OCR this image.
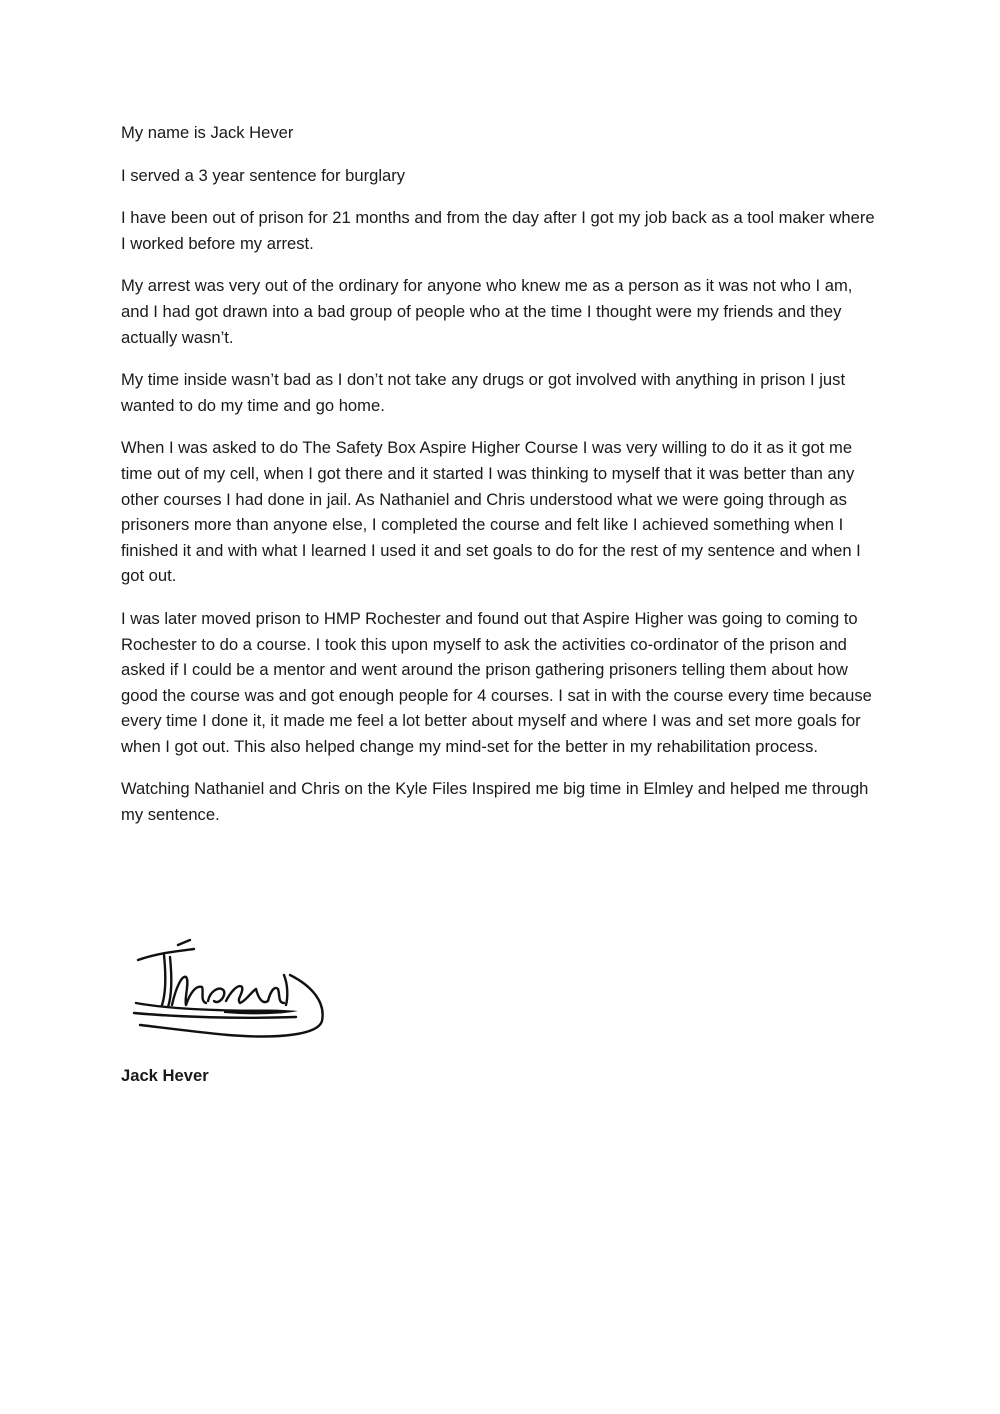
My name is Jack Hever

I served a 3 year sentence for burglary

I have been out of prison for 21 months and from the day after I got my job back as a tool maker where I worked before my arrest.

My arrest was very out of the ordinary for anyone who knew me as a person as it was not who I am, and I had got drawn into a bad group of people who at the time I thought were my friends and they actually wasn’t.

My time inside wasn’t bad as I don’t not take any drugs or got involved with anything in prison I just wanted to do my time and go home.

When I was asked to do The Safety Box Aspire Higher Course I was very willing to do it as it got me time out of my cell, when I got there and it started I was thinking to myself that it was better than any other courses I had done in jail. As Nathaniel and Chris understood what we were going through as prisoners more than anyone else, I completed the course and felt like I achieved something when I finished it and with what I learned I used it and set goals to do for the rest of my sentence and when I got out.

I was later moved prison to HMP Rochester and found out that Aspire Higher was going to coming to Rochester to do a course. I took this upon myself to ask the activities co-ordinator of the prison and asked if I could be a mentor and went around the prison gathering prisoners telling them about how good the course was and got enough people for 4 courses. I sat in with the course every time because every time I done it, it made me feel a lot better about myself and where I was and set more goals for when I got out. This also helped change my mind-set for the better in my rehabilitation process.

Watching Nathaniel and Chris on the Kyle Files Inspired me big time in Elmley and helped me through my sentence.

Jack Hever
